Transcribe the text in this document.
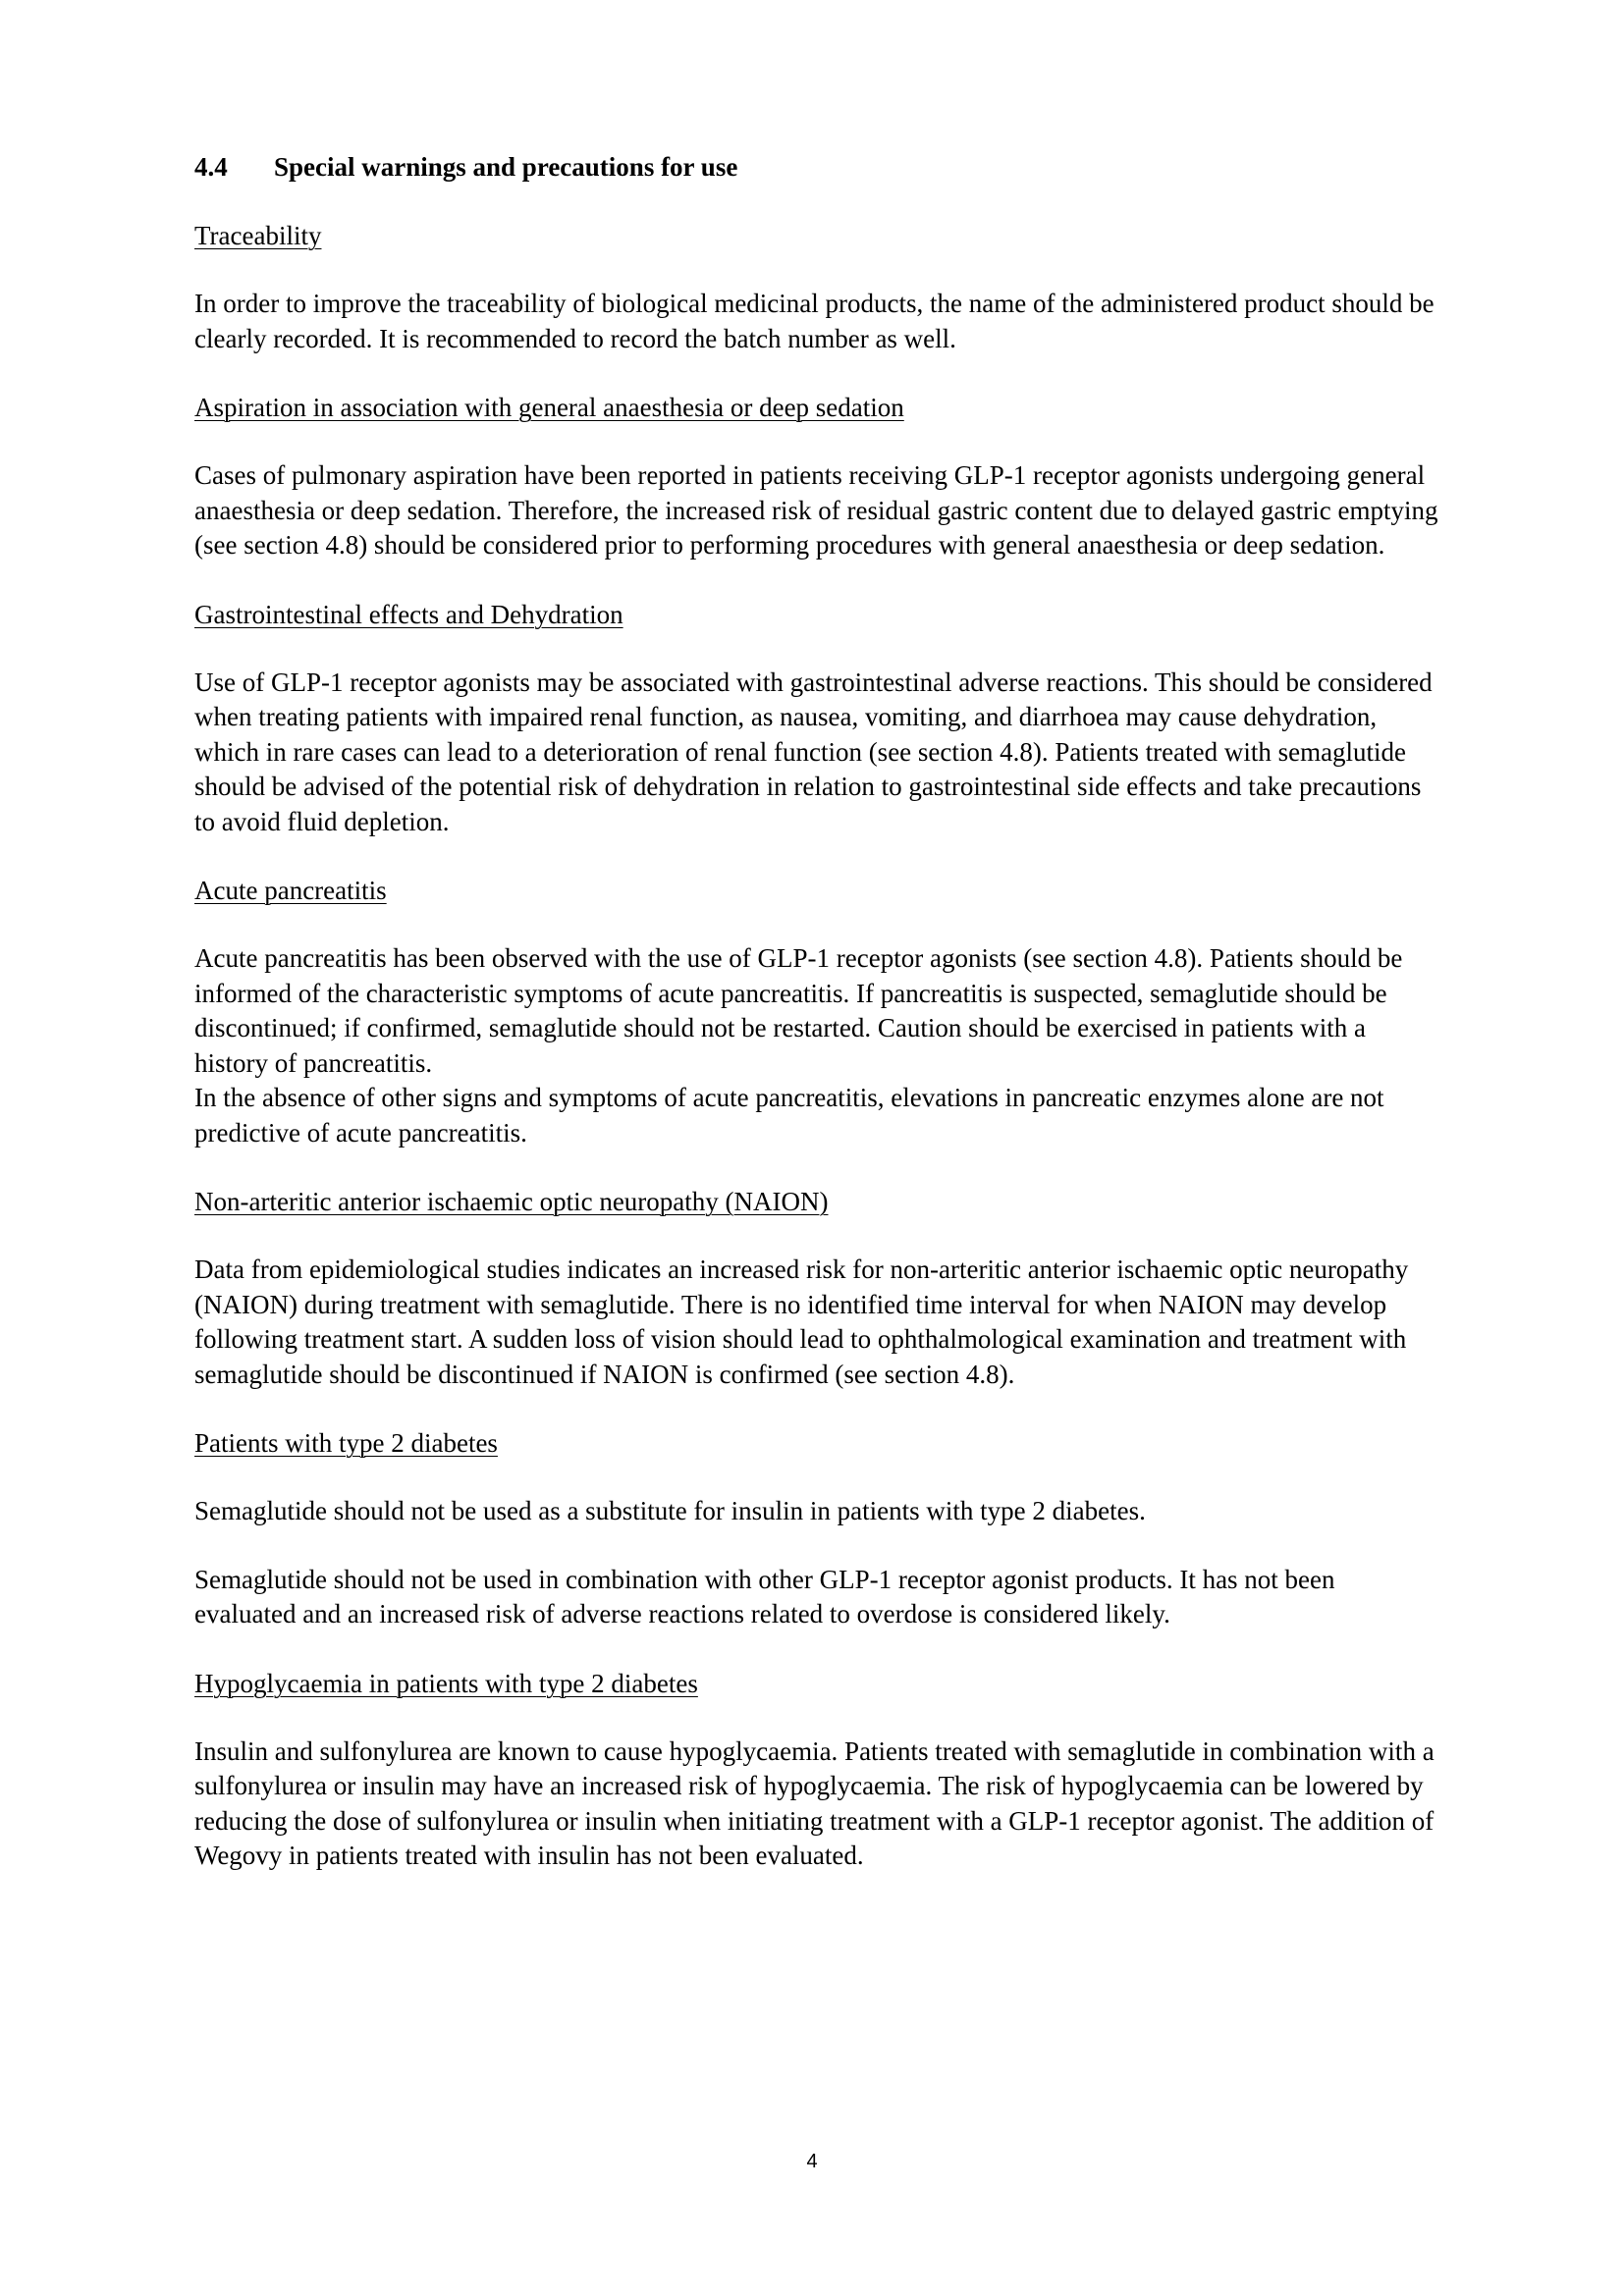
4.4	Special warnings and precautions for use
Traceability

In order to improve the traceability of biological medicinal products, the name of the administered product should be clearly recorded. It is recommended to record the batch number as well.

Aspiration in association with general anaesthesia or deep sedation

Cases of pulmonary aspiration have been reported in patients receiving GLP-1 receptor agonists undergoing general anaesthesia or deep sedation. Therefore, the increased risk of residual gastric content due to delayed gastric emptying (see section 4.8) should be considered prior to performing procedures with general anaesthesia or deep sedation.

Gastrointestinal effects and Dehydration

Use of GLP-1 receptor agonists may be associated with gastrointestinal adverse reactions. This should be considered when treating patients with impaired renal function, as nausea, vomiting, and diarrhoea may cause dehydration, which in rare cases can lead to a deterioration of renal function (see section 4.8). Patients treated with semaglutide should be advised of the potential risk of dehydration in relation to gastrointestinal side effects and take precautions to avoid fluid depletion.

Acute pancreatitis

Acute pancreatitis has been observed with the use of GLP-1 receptor agonists (see section 4.8). Patients should be informed of the characteristic symptoms of acute pancreatitis. If pancreatitis is suspected, semaglutide should be discontinued; if confirmed, semaglutide should not be restarted. Caution should be exercised in patients with a history of pancreatitis.

In the absence of other signs and symptoms of acute pancreatitis, elevations in pancreatic enzymes alone are not predictive of acute pancreatitis.

Non-arteritic anterior ischaemic optic neuropathy (NAION)

Data from epidemiological studies indicates an increased risk for non-arteritic anterior ischaemic optic neuropathy (NAION) during treatment with semaglutide. There is no identified time interval for when NAION may develop following treatment start. A sudden loss of vision should lead to ophthalmological examination and treatment with semaglutide should be discontinued if NAION is confirmed (see section 4.8).

Patients with type 2 diabetes

Semaglutide should not be used as a substitute for insulin in patients with type 2 diabetes.

Semaglutide should not be used in combination with other GLP-1 receptor agonist products. It has not been evaluated and an increased risk of adverse reactions related to overdose is considered likely.

Hypoglycaemia in patients with type 2 diabetes

Insulin and sulfonylurea are known to cause hypoglycaemia. Patients treated with semaglutide in combination with a sulfonylurea or insulin may have an increased risk of hypoglycaemia. The risk of hypoglycaemia can be lowered by reducing the dose of sulfonylurea or insulin when initiating treatment with a GLP-1 receptor agonist. The addition of Wegovy in patients treated with insulin has not been evaluated.

4
